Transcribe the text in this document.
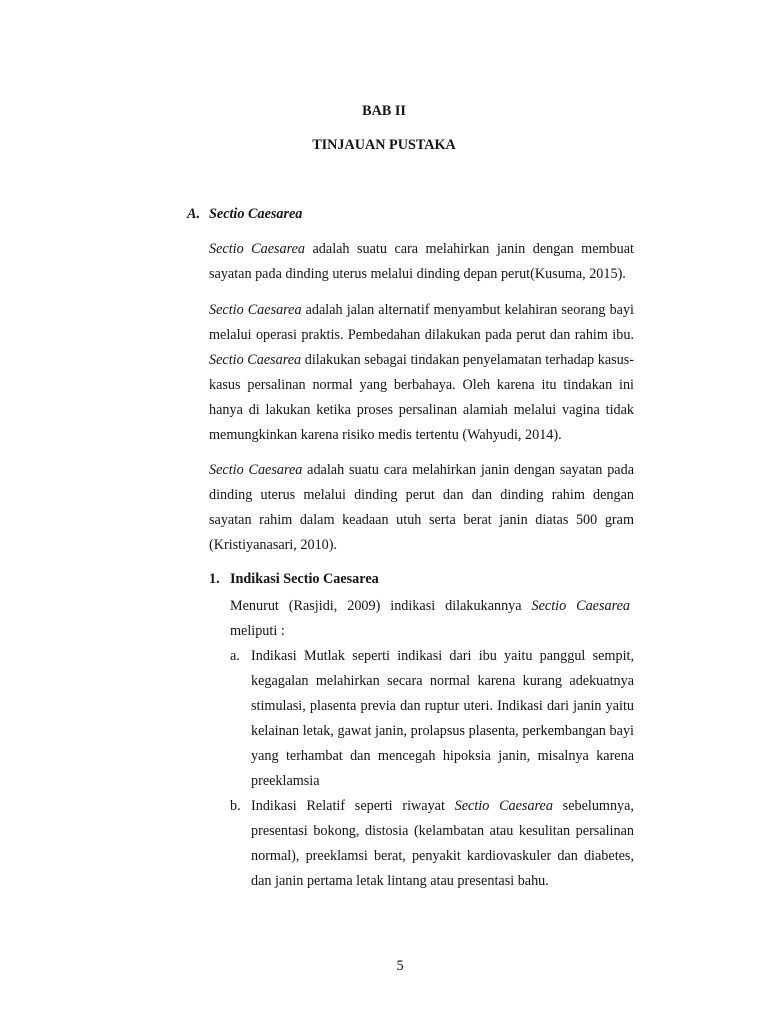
BAB II
TINJAUAN PUSTAKA
A. Sectio Caesarea
Sectio Caesarea adalah suatu cara melahirkan janin dengan membuat
sayatan pada dinding uterus melalui dinding depan perut(Kusuma, 2015).
Sectio Caesarea adalah jalan alternatif menyambut kelahiran seorang bayi
melalui operasi praktis. Pembedahan dilakukan pada perut dan rahim ibu.
Sectio Caesarea dilakukan sebagai tindakan penyelamatan terhadap kasus-
kasus persalinan normal yang berbahaya. Oleh karena itu tindakan ini
hanya di lakukan ketika proses persalinan alamiah melalui vagina tidak
memungkinkan karena risiko medis tertentu (Wahyudi, 2014).
Sectio Caesarea adalah suatu cara melahirkan janin dengan sayatan pada
dinding uterus melalui dinding perut dan dan dinding rahim dengan
sayatan rahim dalam keadaan utuh serta berat janin diatas 500 gram
(Kristiyanasari, 2010).
1. Indikasi Sectio Caesarea
Menurut (Rasjidi, 2009) indikasi dilakukannya Sectio Caesarea
meliputi :
a. Indikasi Mutlak seperti indikasi dari ibu yaitu panggul sempit,
kegagalan melahirkan secara normal karena kurang adekuatnya
stimulasi, plasenta previa dan ruptur uteri. Indikasi dari janin yaitu
kelainan letak, gawat janin, prolapsus plasenta, perkembangan bayi
yang terhambat dan mencegah hipoksia janin, misalnya karena
preeklamsia
b. Indikasi Relatif seperti riwayat Sectio Caesarea sebelumnya,
presentasi bokong, distosia (kelambatan atau kesulitan persalinan
normal), preeklamsi berat, penyakit kardiovaskuler dan diabetes,
dan janin pertama letak lintang atau presentasi bahu.
5
